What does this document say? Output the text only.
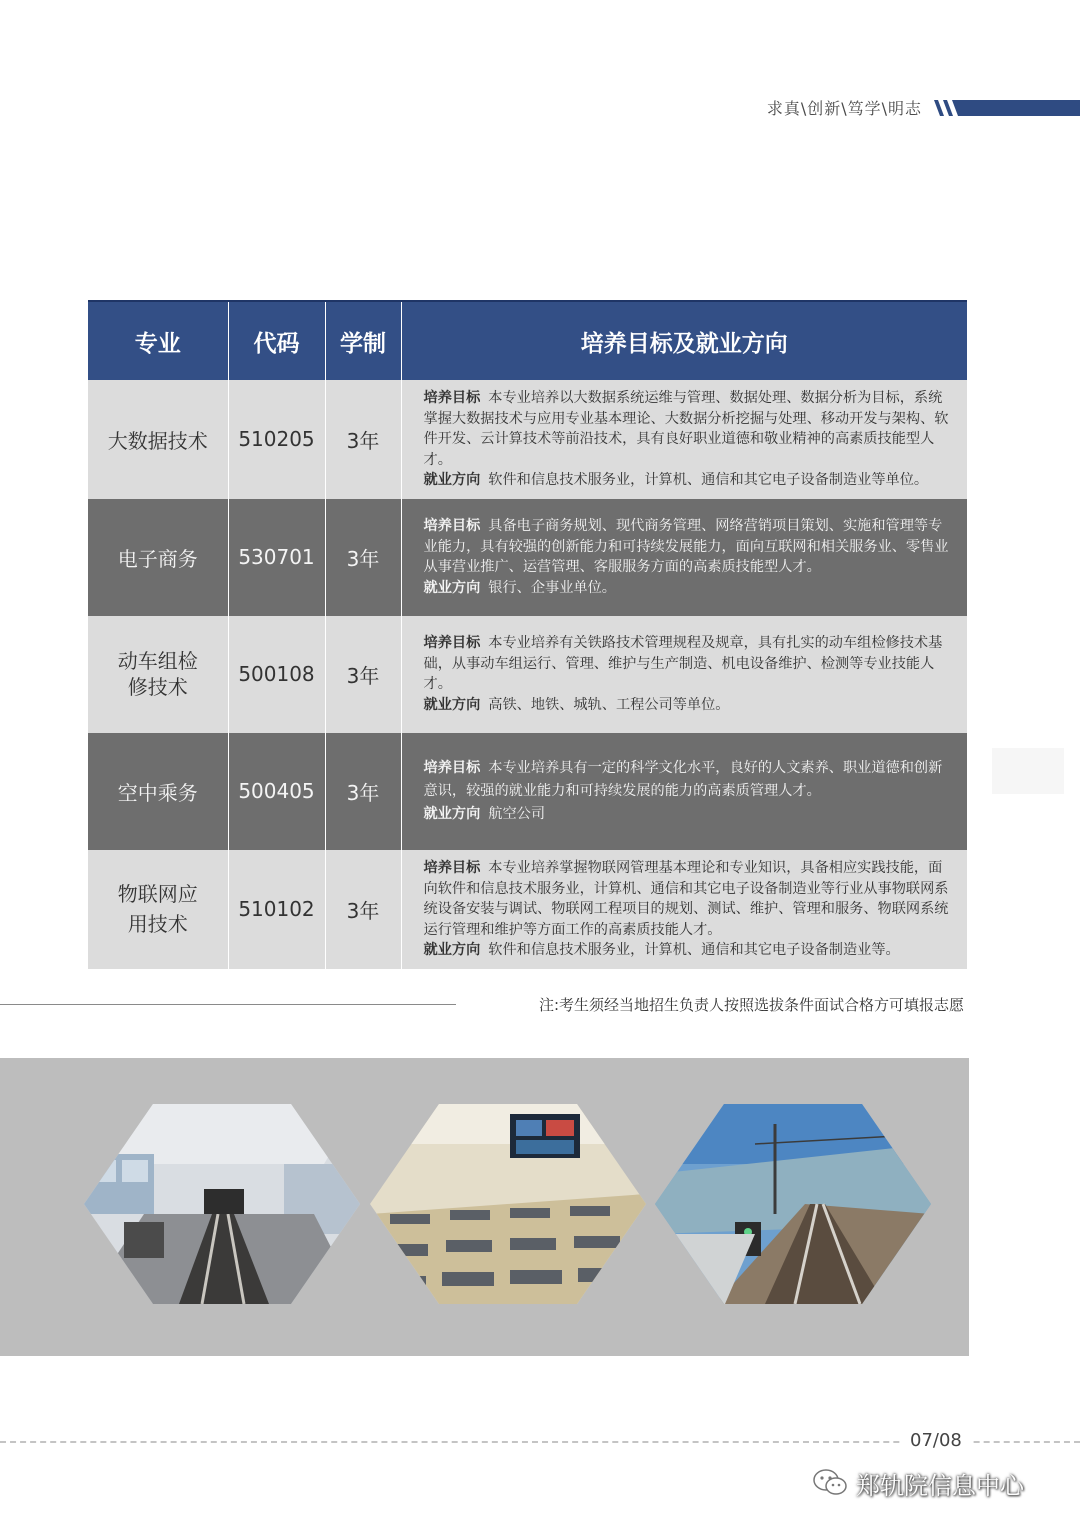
求真\创新\笃学\明志
专业	代码	学制	培养目标及就业方向
大数据技术	510205	3年	培养目标 本专业培养以大数据系统运维与管理、数据处理、数据分析为目标，系统掌握大数据技术与应用专业基本理论、大数据分析挖掘与处理、移动开发与架构、软件开发、云计算技术等前沿技术，具有良好职业道德和敬业精神的高素质技能型人才。
就业方向 软件和信息技术服务业，计算机、通信和其它电子设备制造业等单位。

电子商务	530701	3年	培养目标 具备电子商务规划、现代商务管理、网络营销项目策划、实施和管理等专业能力，具有较强的创新能力和可持续发展能力，面向互联网和相关服务业、零售业从事营业推广、运营管理、客服服务方面的高素质技能型人才。
就业方向 银行、企事业单位。

动车组检修技术	500108	3年	培养目标 本专业培养有关铁路技术管理规程及规章，具有扎实的动车组检修技术基础，从事动车组运行、管理、维护与生产制造、机电设备维护、检测等专业技能人才。
就业方向 高铁、地铁、城轨、工程公司等单位。

空中乘务	500405	3年	培养目标 本专业培养具有一定的科学文化水平，良好的人文素养、职业道德和创新意识，较强的就业能力和可持续发展的能力的高素质管理人才。
就业方向 航空公司

物联网应用技术	510102	3年	培养目标 本专业培养掌握物联网管理基本理论和专业知识，具备相应实践技能，面向软件和信息技术服务业，计算机、通信和其它电子设备制造业等行业从事物联网系统设备安装与调试、物联网工程项目的规划、测试、维护、管理和服务、物联网系统运行管理和维护等方面工作的高素质技能人才。
就业方向 软件和信息技术服务业，计算机、通信和其它电子设备制造业等。
注:考生须经当地招生负责人按照选拔条件面试合格方可填报志愿
07/08
郑轨院信息中心
